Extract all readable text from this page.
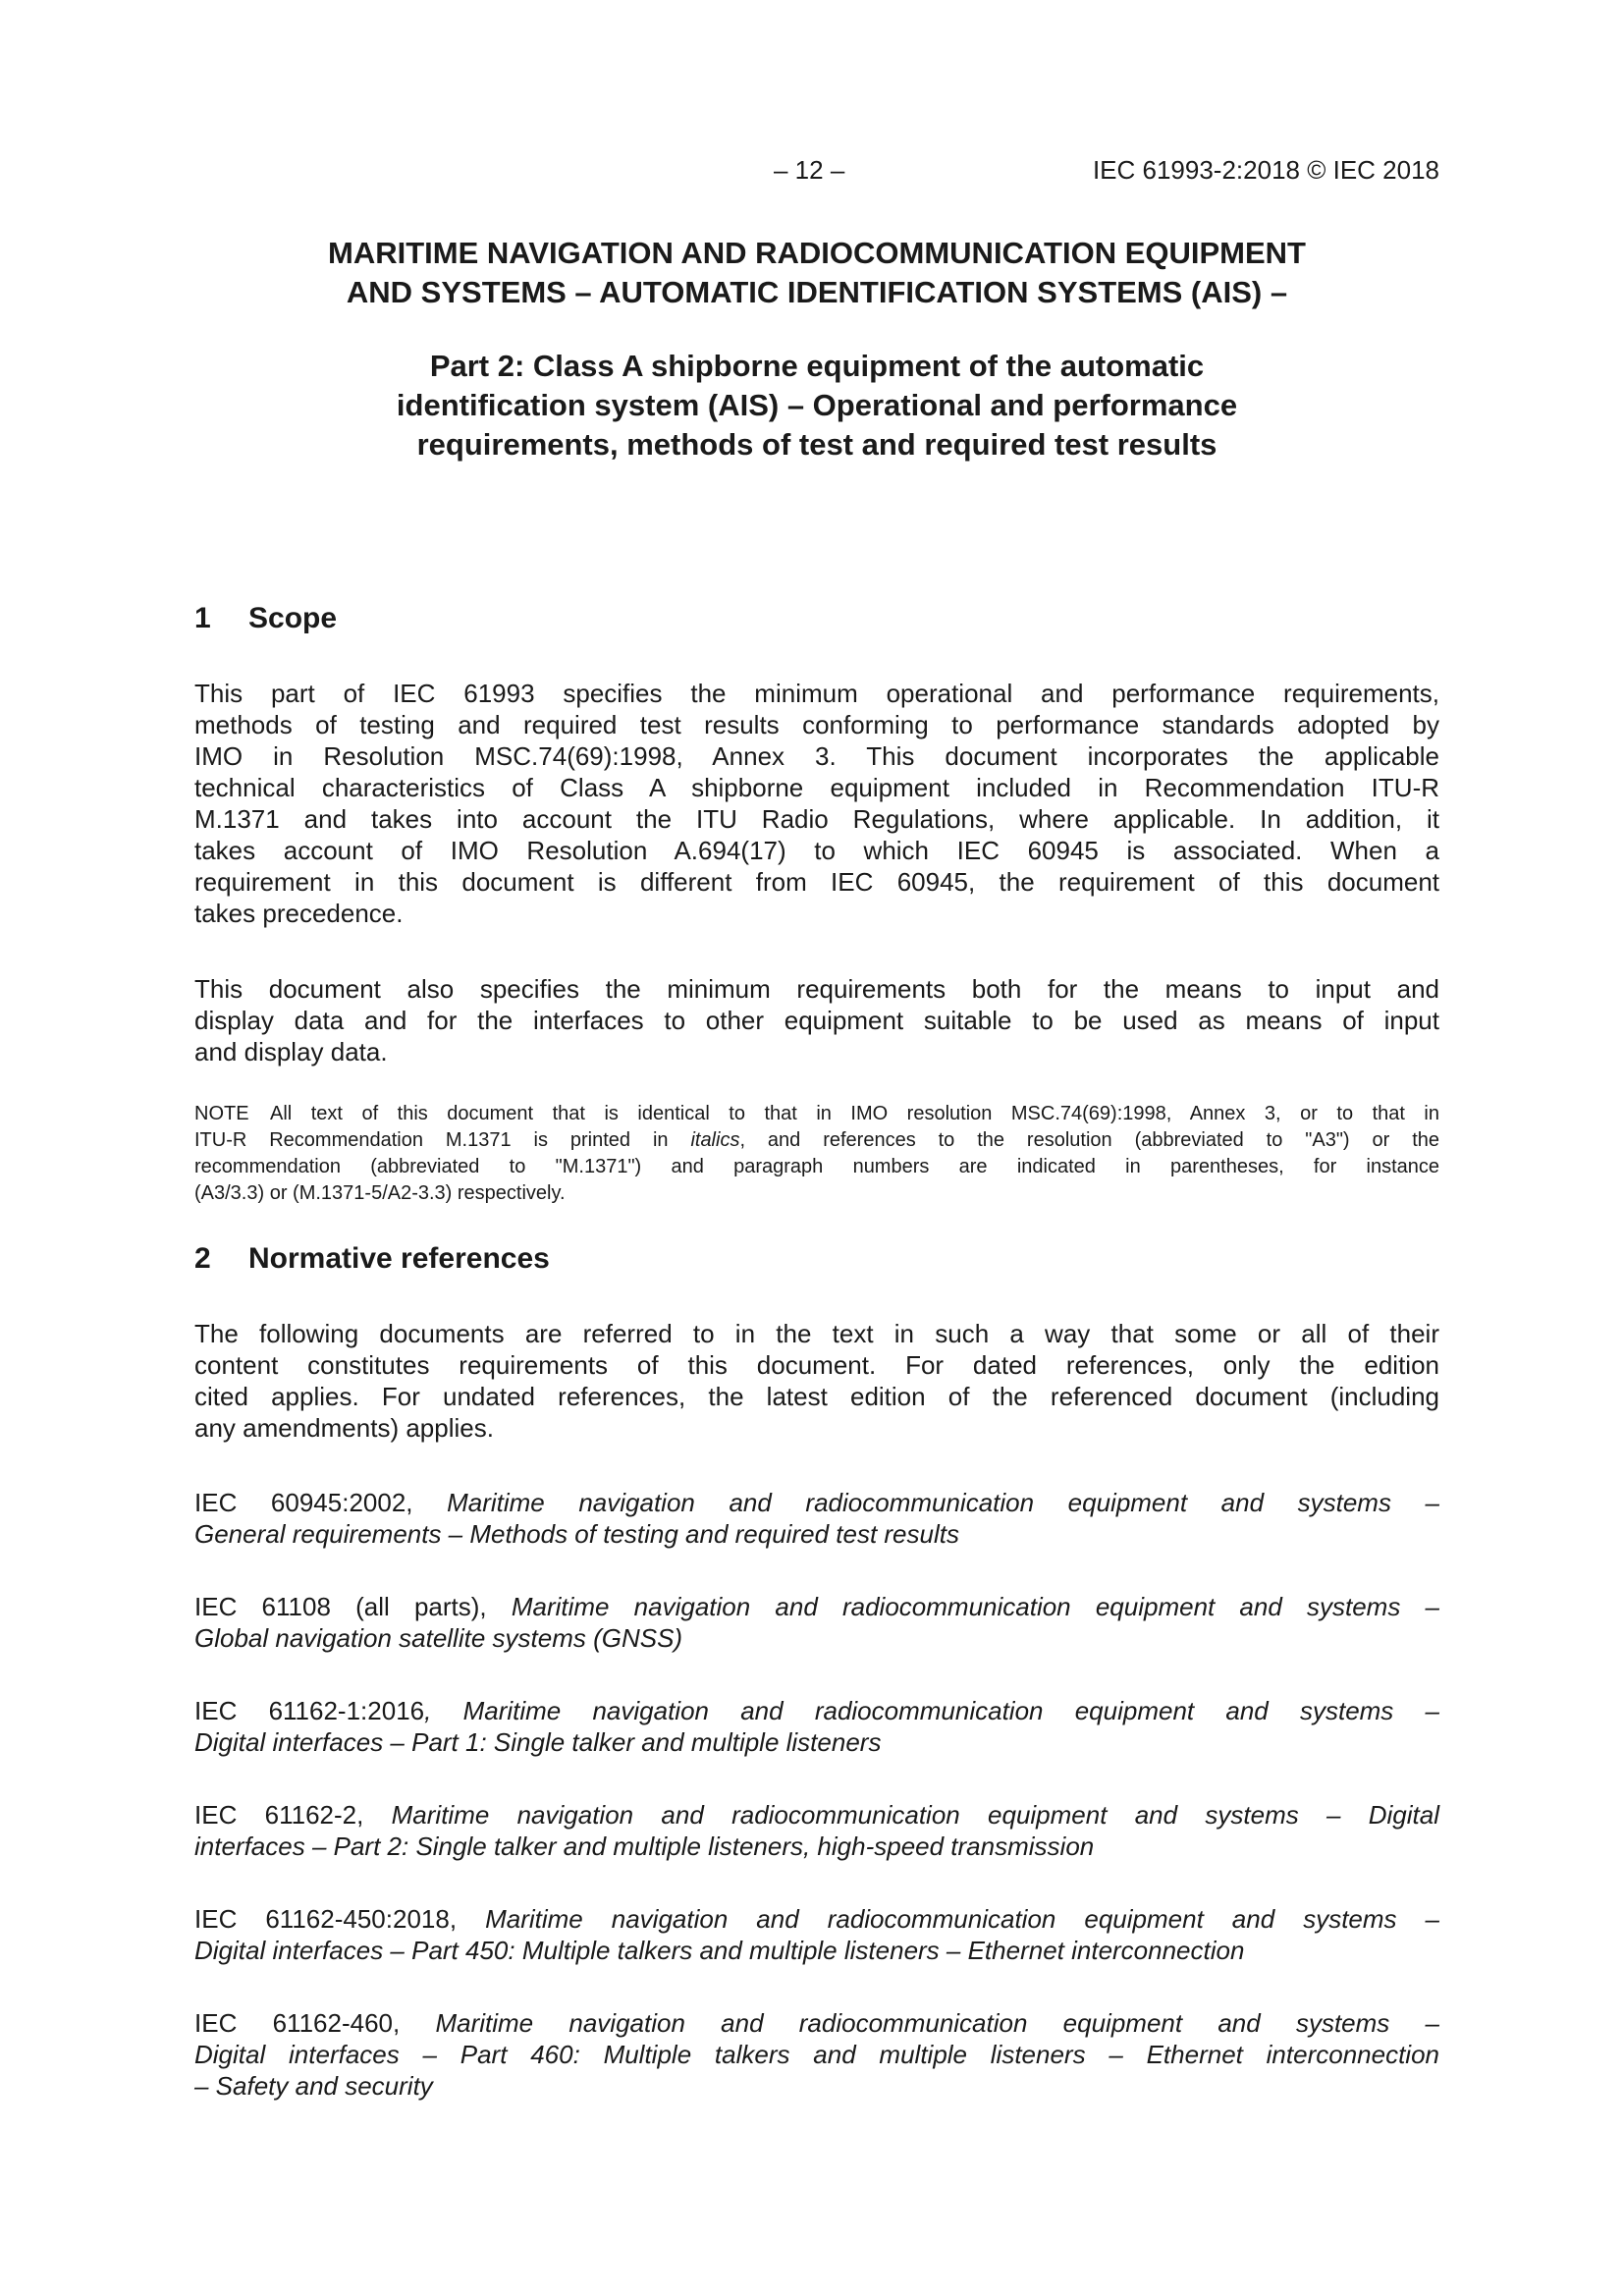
– 12 –	IEC 61993-2:2018 © IEC 2018
MARITIME NAVIGATION AND RADIOCOMMUNICATION EQUIPMENT
AND SYSTEMS – AUTOMATIC IDENTIFICATION SYSTEMS (AIS) –
Part 2: Class A shipborne equipment of the automatic
identification system (AIS) – Operational and performance
requirements, methods of test and required test results
1 Scope

This part of IEC 61993 specifies the minimum operational and performance requirements,
methods of testing and required test results conforming to performance standards adopted by
IMO in Resolution MSC.74(69):1998, Annex 3. This document incorporates the applicable
technical characteristics of Class A shipborne equipment included in Recommendation ITU-R
M.1371 and takes into account the ITU Radio Regulations, where applicable. In addition, it
takes account of IMO Resolution A.694(17) to which IEC 60945 is associated. When a
requirement in this document is different from IEC 60945, the requirement of this document
takes precedence.

This document also specifies the minimum requirements both for the means to input and
display data and for the interfaces to other equipment suitable to be used as means of input
and display data.

NOTE All text of this document that is identical to that in IMO resolution MSC.74(69):1998, Annex 3, or to that in
ITU-R Recommendation M.1371 is printed in italics, and references to the resolution (abbreviated to "A3") or the
recommendation (abbreviated to "M.1371") and paragraph numbers are indicated in parentheses, for instance
(A3/3.3) or (M.1371-5/A2-3.3) respectively.

2 Normative references

The following documents are referred to in the text in such a way that some or all of their
content constitutes requirements of this document. For dated references, only the edition
cited applies. For undated references, the latest edition of the referenced document (including
any amendments) applies.

IEC 60945:2002, Maritime navigation and radiocommunication equipment and systems –
General requirements – Methods of testing and required test results

IEC 61108 (all parts), Maritime navigation and radiocommunication equipment and systems –
Global navigation satellite systems (GNSS)

IEC 61162-1:2016, Maritime navigation and radiocommunication equipment and systems –
Digital interfaces – Part 1: Single talker and multiple listeners

IEC 61162-2, Maritime navigation and radiocommunication equipment and systems – Digital
interfaces – Part 2: Single talker and multiple listeners, high-speed transmission

IEC 61162-450:2018, Maritime navigation and radiocommunication equipment and systems –
Digital interfaces – Part 450: Multiple talkers and multiple listeners – Ethernet interconnection

IEC 61162-460, Maritime navigation and radiocommunication equipment and systems –
Digital interfaces – Part 460: Multiple talkers and multiple listeners – Ethernet interconnection
– Safety and security
